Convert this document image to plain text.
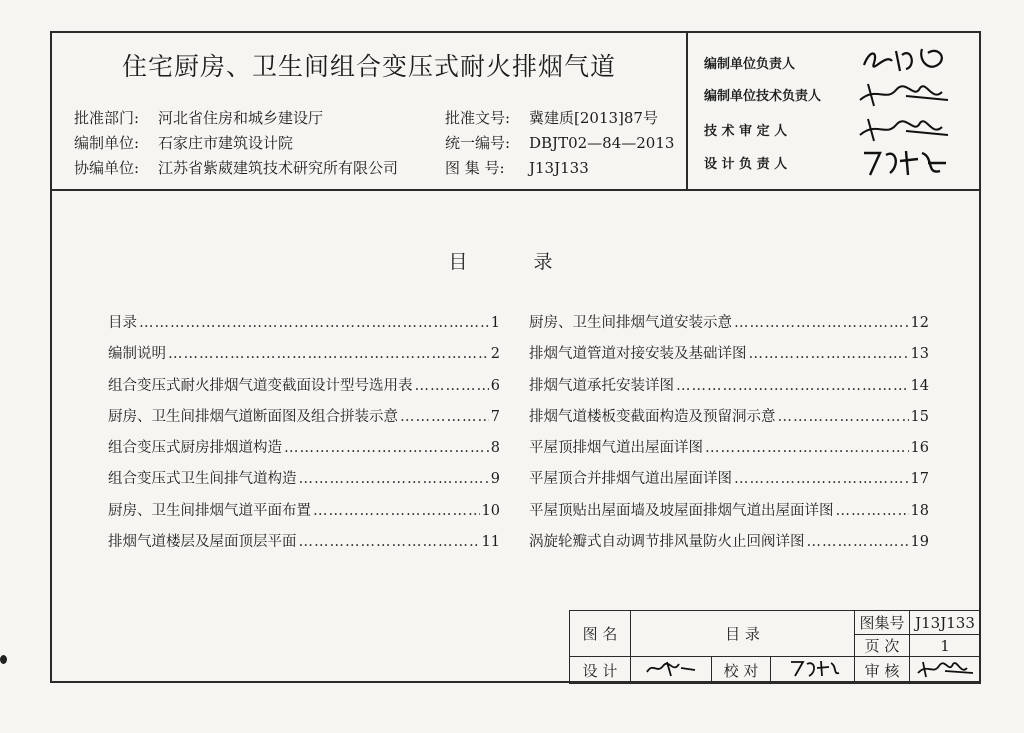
住宅厨房、卫生间组合变压式耐火排烟气道
批准部门: 河北省住房和城乡建设厅
编制单位: 石家庄市建筑设计院
协编单位: 江苏省紫葳建筑技术研究所有限公司
批准文号: 冀建质[2013]87号
统一编号: DBJT02—84—2013
图 集 号: J13J133
编制单位负责人
编制单位技术负责人
技 术 审 定 人
设 计 负 责 人
目 录
目录 ………………………………………………………………………………………………………………………………	1
编制说明 ………………………………………………………………………………………………………………………………	2
组合变压式耐火排烟气道变截面设计型号选用表 ………………………………………………………………………………………………………………………………	6
厨房、卫生间排烟气道断面图及组合拼装示意 ………………………………………………………………………………………………………………………………	7
组合变压式厨房排烟道构造 ………………………………………………………………………………………………………………………………	8
组合变压式卫生间排气道构造 ………………………………………………………………………………………………………………………………	9
厨房、卫生间排烟气道平面布置 ………………………………………………………………………………………………………………………………	10
排烟气道楼层及屋面顶层平面 ………………………………………………………………………………………………………………………………	11
厨房、卫生间排烟气道安装示意 ………………………………………………………………………………………………………………………………	12
排烟气道管道对接安装及基础详图 ………………………………………………………………………………………………………………………………	13
排烟气道承托安装详图 ………………………………………………………………………………………………………………………………	14
排烟气道楼板变截面构造及预留洞示意 ………………………………………………………………………………………………………………………………	15
平屋顶排烟气道出屋面详图 ………………………………………………………………………………………………………………………………	16
平屋顶合并排烟气道出屋面详图 ………………………………………………………………………………………………………………………………	17
平屋顶贴出屋面墙及坡屋面排烟气道出屋面详图 ………………………………………………………………………………………………………………………………	18
涡旋轮瓣式自动调节排风量防火止回阀详图 ………………………………………………………………………………………………………………………………	19
图 名	目 录			图集号	J13J133
				页 次	1
设 计		校 对		审 核	
